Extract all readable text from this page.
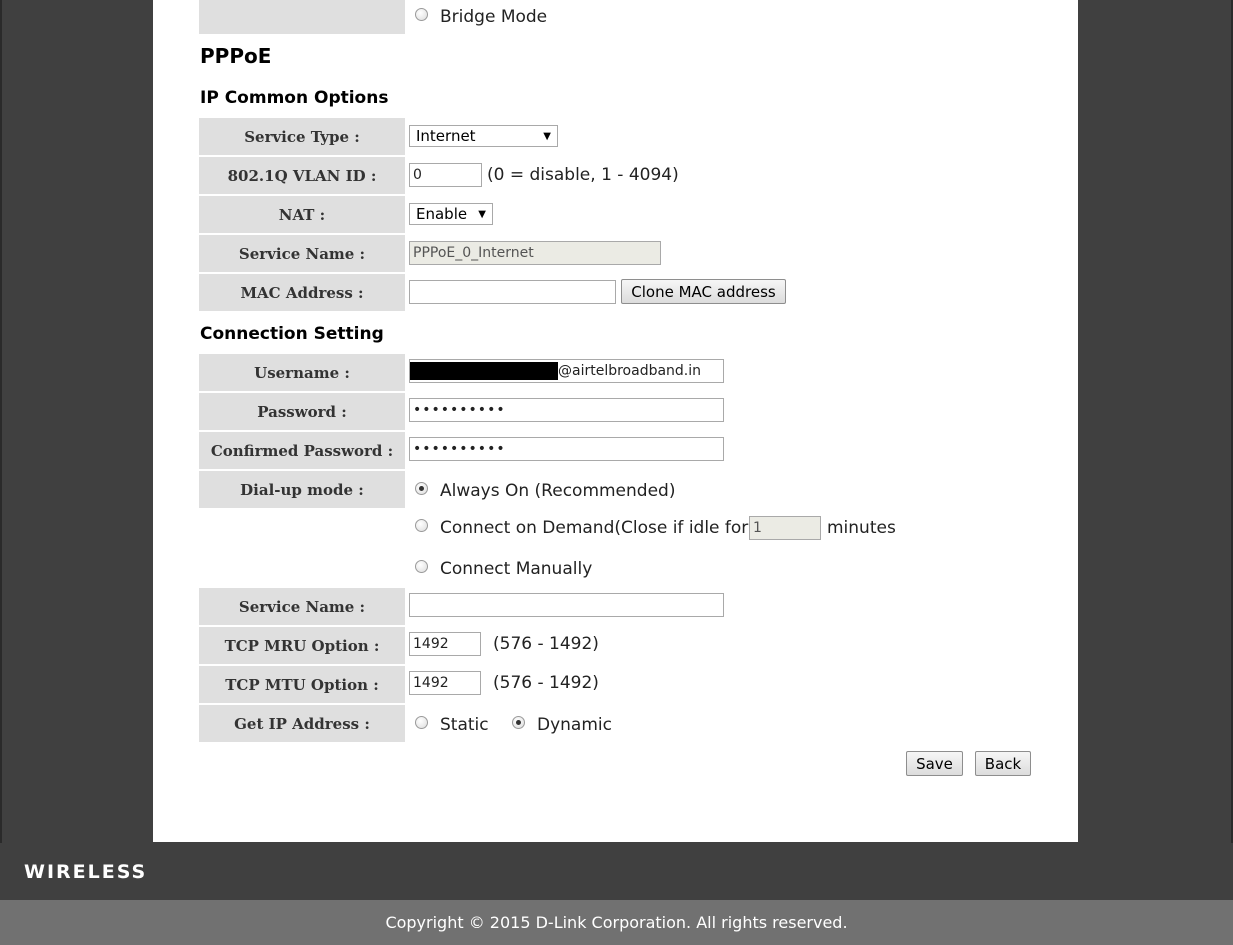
Bridge Mode
PPPoE
IP Common Options
Service Type :	Internet	▼
802.1Q VLAN ID :	0	(0 = disable, 1 - 4094)
NAT :	Enable ▼
Service Name :	PPPoE_0_Internet
MAC Address :	Clone MAC address
Connection Setting
Username :	@airtelbroadband.in
Password :	••••••••••
Confirmed Password :	••••••••••
Dial-up mode :	Always On (Recommended)
Connect on Demand(Close if idle for 1	minutes
Connect Manually
Service Name :
TCP MRU Option :	1492	(576 - 1492)
TCP MTU Option :	1492	(576 - 1492)
Get IP Address :	Static	Dynamic
Save	Back
WIRELESS
Copyright © 2015 D-Link Corporation. All rights reserved.
